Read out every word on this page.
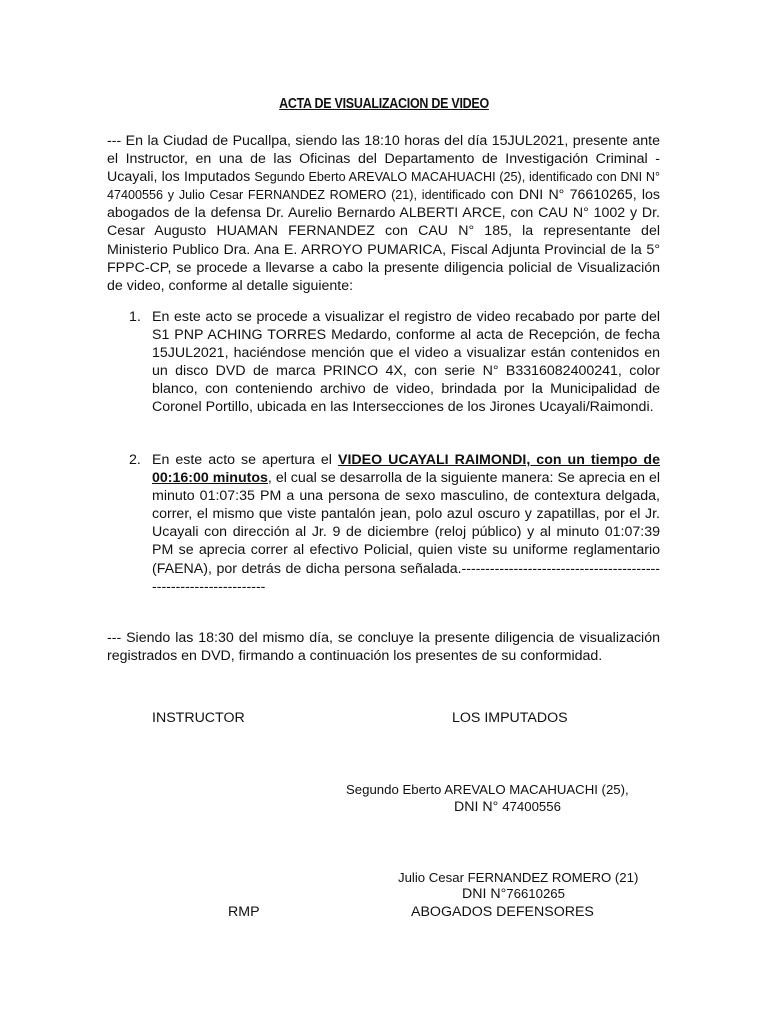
ACTA DE VISUALIZACION DE VIDEO

--- En la Ciudad de Pucallpa, siendo las 18:10 horas del día 15JUL2021, presente ante el Instructor, en una de las Oficinas del Departamento de Investigación Criminal - Ucayali, los Imputados Segundo Eberto AREVALO MACAHUACHI (25), identificado con DNI N° 47400556 y Julio Cesar FERNANDEZ ROMERO (21), identificado con DNI N° 76610265, los abogados de la defensa Dr. Aurelio Bernardo ALBERTI ARCE, con CAU N° 1002 y Dr. Cesar Augusto HUAMAN FERNANDEZ con CAU N° 185, la representante del Ministerio Publico Dra. Ana E. ARROYO PUMARICA, Fiscal Adjunta Provincial de la 5° FPPC-CP, se procede a llevarse a cabo la presente diligencia policial de Visualización de video, conforme al detalle siguiente:

1. En este acto se procede a visualizar el registro de video recabado por parte del S1 PNP ACHING TORRES Medardo, conforme al acta de Recepción, de fecha 15JUL2021, haciéndose mención que el video a visualizar están contenidos en un disco DVD de marca PRINCO 4X, con serie N° B3316082400241, color blanco, con conteniendo archivo de video, brindada por la Municipalidad de Coronel Portillo, ubicada en las Intersecciones de los Jirones Ucayali/Raimondi.
2. En este acto se apertura el VIDEO UCAYALI RAIMONDI, con un tiempo de 00:16:00 minutos, el cual se desarrolla de la siguiente manera: Se aprecia en el minuto 01:07:35 PM a una persona de sexo masculino, de contextura delgada, correr, el mismo que viste pantalón jean, polo azul oscuro y zapatillas, por el Jr. Ucayali con dirección al Jr. 9 de diciembre (reloj público) y al minuto 01:07:39 PM se aprecia correr al efectivo Policial, quien viste su uniforme reglamentario (FAENA), por detrás de dicha persona señalada.------------------------------------------------------------------

--- Siendo las 18:30 del mismo día, se concluye la presente diligencia de visualización registrados en DVD, firmando a continuación los presentes de su conformidad.

INSTRUCTOR	LOS IMPUTADOS
Segundo Eberto AREVALO MACAHUACHI (25),
DNI N° 47400556
Julio Cesar FERNANDEZ ROMERO (21)
DNI N°76610265
RMP	ABOGADOS DEFENSORES
